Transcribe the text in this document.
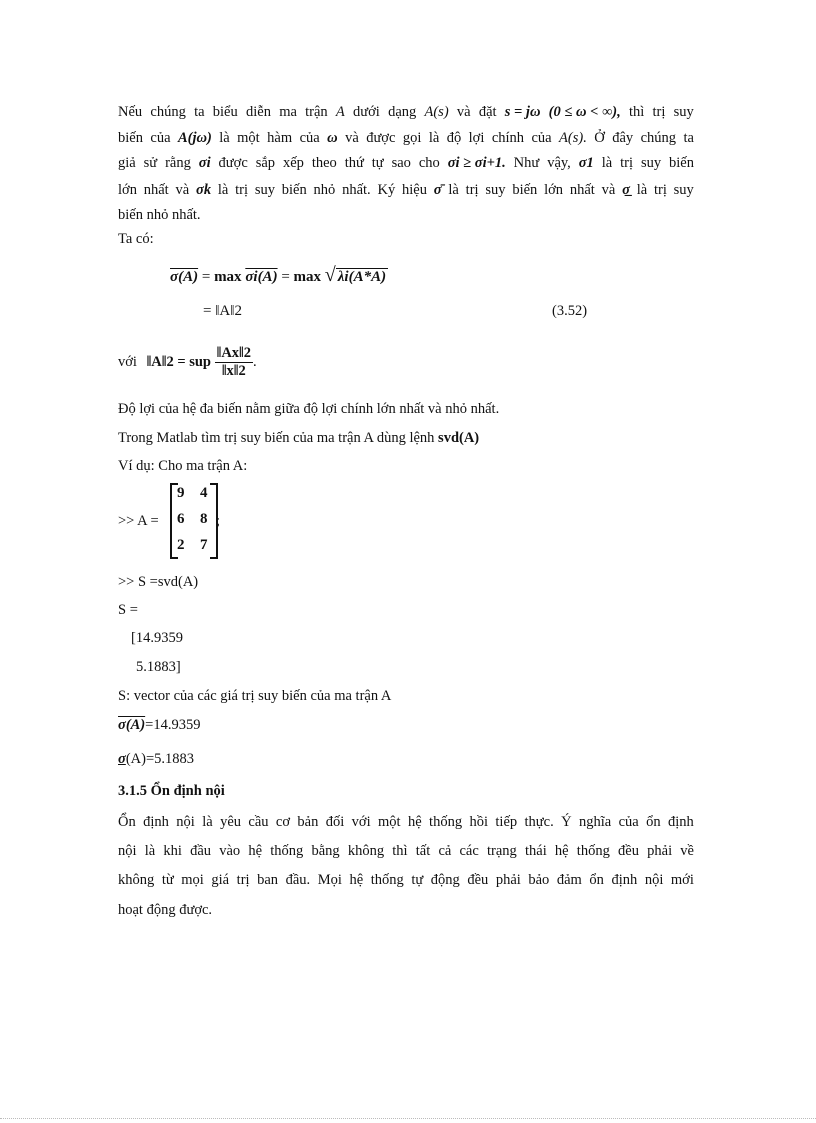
Nếu chúng ta biểu diễn ma trận A dưới dạng A(s) và đặt s = jω (0 ≤ ω < ∞), thì trị suy
biến của A(jω) là một hàm của ω và được gọi là độ lợi chính của A(s). Ở đây chúng ta
giả sử rằng σi được sắp xếp theo thứ tự sao cho σi ≥ σi+1. Như vậy, σ1 là trị suy biến
lớn nhất và σk là trị suy biến nhỏ nhất. Ký hiệu σ̄ là trị suy biến lớn nhất và σ̲ là trị suy
biến nhỏ nhất.
Ta có:
σ(A) = max σi(A) = max √ λi(A*A)
= ‖A‖2	(3.52)
với ‖A‖2 = sup $\frac{‖Ax‖2}{‖x‖2}$ .
Độ lợi của hệ đa biến nằm giữa độ lợi chính lớn nhất và nhỏ nhất.
Trong Matlab tìm trị suy biến của ma trận A dùng lệnh svd(A)
Ví dụ: Cho ma trận A:
>> A =
9 4
6 8
2 7
;
>> S =svd(A)
S =
[14.9359
5.1883]
S: vector của các giá trị suy biến của ma trận A
σ(A)=14.9359
σ(A)=5.1883
3.1.5 Ổn định nội
Ổn định nội là yêu cầu cơ bản đối với một hệ thống hồi tiếp thực. Ý nghĩa của ổn định
nội là khi đầu vào hệ thống bằng không thì tất cả các trạng thái hệ thống đều phải về
không từ mọi giá trị ban đầu. Mọi hệ thống tự động đều phải bảo đảm ổn định nội mới
hoạt động được.
